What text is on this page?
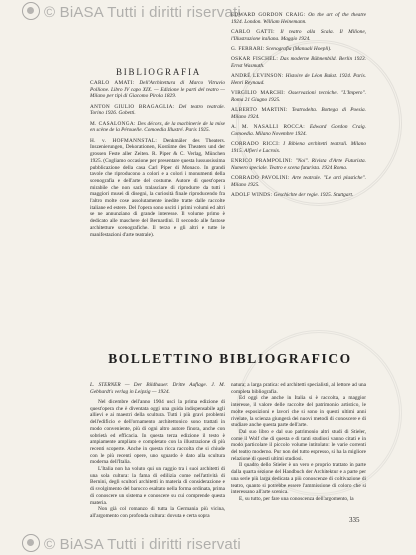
© BiASA Tutti i diritti riservati
BIBLIOGRAFIA

CARLO AMATI: Dell'Architettura di Marco Vitruvio Pollione. Libro IV capo XIX. — Edizione le parti del teatro — Milano per tipi di Giacomo Pirola 1829.

ANTON GIULIO BRAGAGLIA: Del teatro teatrale. Torino 1926. Gobetti.

M. CASALONGA: Des décors, de la machinerie de la mise en scène de la Pérouelle. Comoedia Illustré. Paris 1925.

H. v. HOFMANNSTAL: Denkmäler des Theaters. Inszenierungen, Dekorationen, Kostüme des Theaters und der grossen Feste aller Zeiten. R. Piper & C. Verlag, München 1925. (Cogliamo occasione per presentare questa lussuosissima pubblicazione della casa Carl Piper di Monaco. In grandi tavole che riproducono a colori e a colori i monumenti della scenografia e dell'arte del costume. Autore di quest'opera mirabile che non sarà tralasciare di riprodurre da tutti i maggiori musei di disegni, la curiosità finale riproducendo fra l'altro molte cose assolutamente inedite tratte dalle raccolte italiane ed estere. Del l'opera sono usciti i primi volumi ed altri se ne annunziano di grande interesse. Il volume primo è dedicato alle maschere del Bernardini. Il secondo alle fastose architetture scenografiche. Il terzo e gli altri e tutte le manifestazioni d'arte teatrale).

EDWARD GORDON CRAIG: On the art of the theatre 1924. London. William Heinemann.

CARLO GATTI: Il teatro alla Scala. Il Milione, l'Illustrazione italiana. Maggio 1924.

G. FERRARI: Scenografia (Manuali Hoepli).

OSKAR FISCHEL: Das moderne Bühnenbild. Berlin 1923. Ernst Wasmuth.

ANDRÉ LEVINSON: Histoire de Léon Bakst. 1924. Paris. Henri Reynaud.

VIRGILIO MARCHI: Osservazioni tecniche. "L'Impero". Roma 21 Giugno 1925.

ALBERTO MARTINI: Teatrodelta. Bottega di Poesia. Milano 1924.

A. M. NASALLI ROCCA: Edward Gordon Craig. Comoedia. Milano Novembre 1924.

CORRADO RICCI: I Bibiena architetti teatrali. Milano 1915. Alfieri e Lacroix.

ENRICO PRAMPOLINI: "Noi". Rivista d'Arte Futurista. Numero speciale. Teatro e scena futurista. 1924 Roma.

CORRADO PAVOLINI: Arte teatrale. "Le arti plastiche". Milano 1925.

ADOLF WINDS: Geschichte der regie. 1925. Stuttgart.

BOLLETTINO BIBLIOGRAFICO

L. STERNER — Der Bildhauer. Dritte Auflage. J. M. Gebhardt's verlag in Leipzig — 1924.

Nel dicembre dell'anno 1904 uscì la prima edizione di quest'opera che è diventata oggi una guida indispensabile agli allievi e ai maestri della scultura. Tutti i più gravi problemi dell'edificio e dell'ornamento architettonico sono trattati in modo conveniente, più di ogni altro autore finora, anche con sobrietà ed efficacia. In questa terza edizione il testo è ampiamente ampliato e completato con la illustrazione di più recenti scoperte. Anche in questa ricca raccolta che si chiude con le più recenti opere, uno sguardo è dato alla scultura moderna dell'Italia.

L'Italia non ha voluto qui un raggio tra i suoi architetti di una sola cultura: la fama di edilizia come nell'attività di Bernini, degli scultori architetti in materia di considerazione e di svolgimento del barocco esaltato nella forma ordinata, prima di conoscere un sistema e conoscere su cui comprende questa materia.

Non già col romanzo di tutta la Germania più vicina, all'argomento con profonda cultura: dovuta e certa sopra

natura; a larga pratica: ed architetti specialisti, al lettore ad una completa bibliografia.

Ed oggi che anche in Italia si è raccolta, a maggior interesse, il valore delle raccolte del patrimonio artistico, le molte esposizioni e lavori che si sono in questi ultimi anni rivelate, la scienza giungerà dei nuovi metodi di conoscere e di studiare anche questa parte dell'arte.

Dal suo libro e dal suo patrimonio altri studi di Stieler, come il Wolf che di questa e di tanti studiosi vanno citati e in modo particolare il piccolo volume intitolato: le varie correnti del teatro moderno. Pur non del tutto espresso, si ha la migliore relazione di questi ultimi studiosi.

Il quadro dello Stieler è un vero e proprio trattato in parte dalla quarta sezione del Handbuch der Architektur e a parte per una serie più larga dedicata a più conoscenze di coltivazione di teatro, quanto si potrebbe essere l'ammissione di coloro che si interessano all'arte scenica.

E, su tutto, per fare una conoscenza dell'argomento, la

335
© BiASA Tutti i diritti riservati
